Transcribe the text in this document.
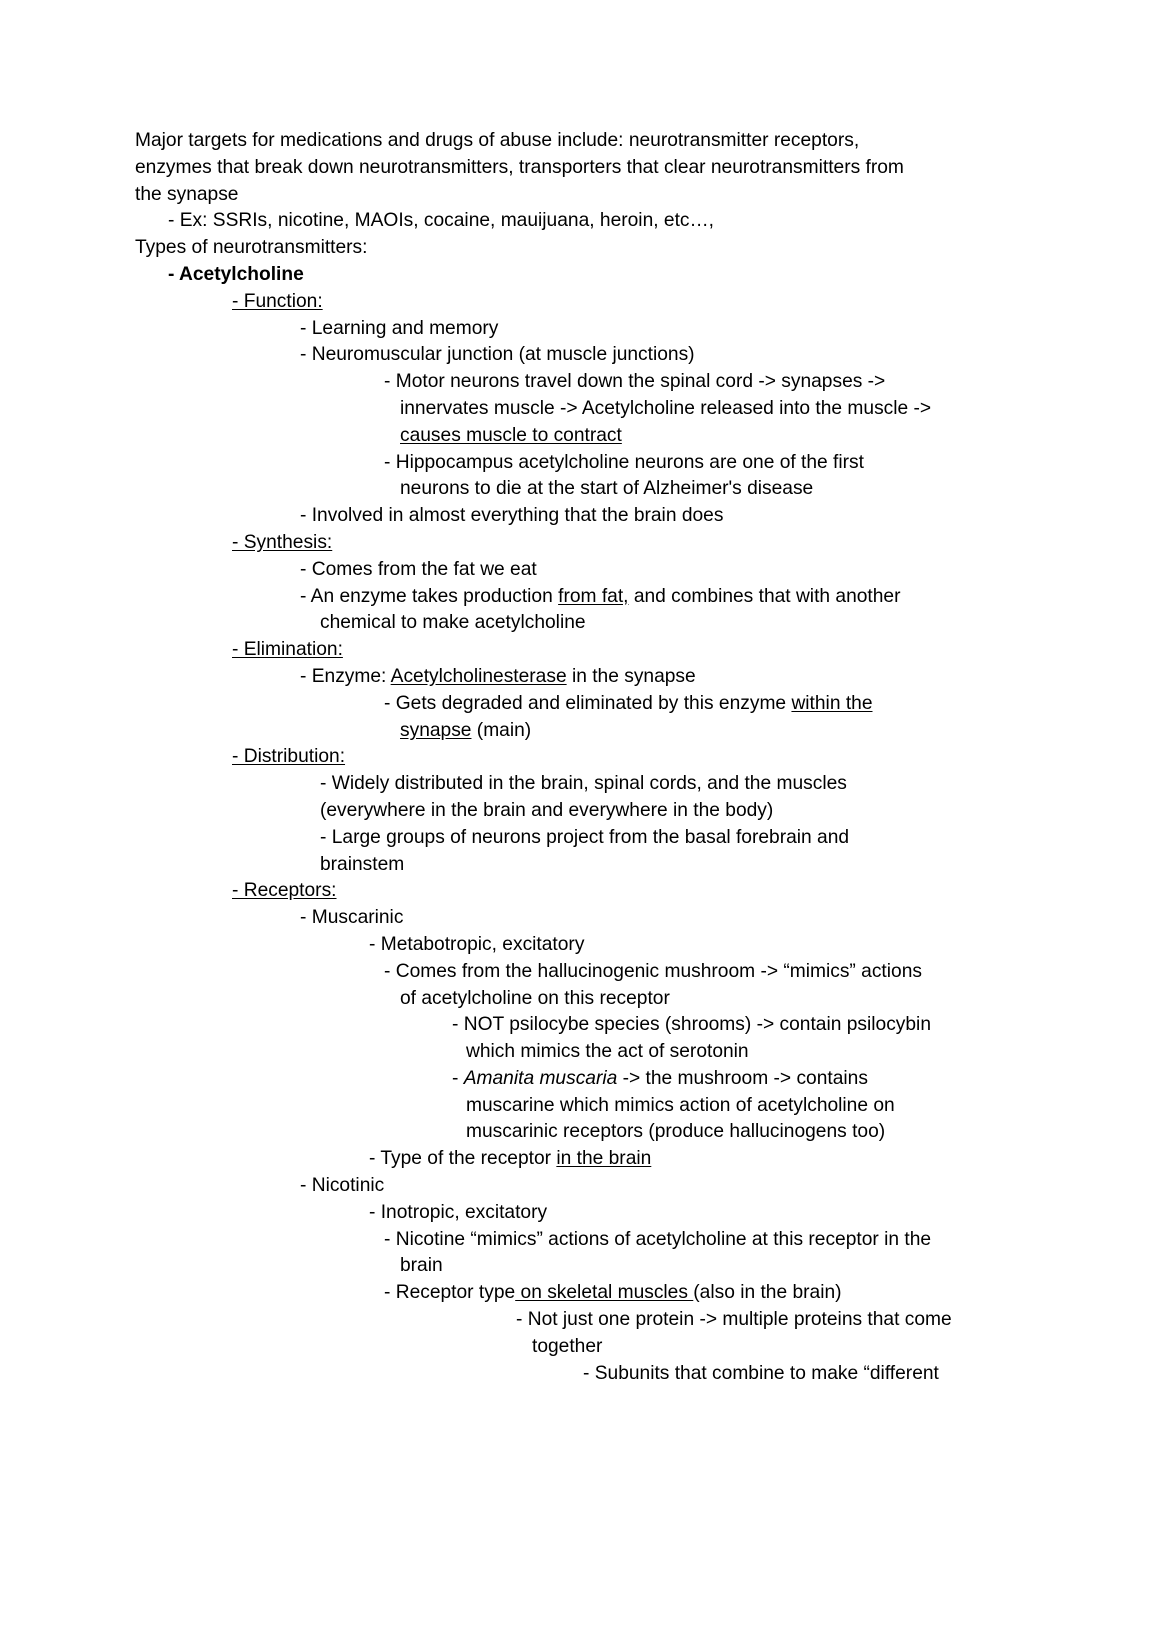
Major targets for medications and drugs of abuse include: neurotransmitter receptors,
enzymes that break down neurotransmitters, transporters that clear neurotransmitters from
the synapse
- Ex: SSRIs, nicotine, MAOIs, cocaine, mauijuana, heroin, etc…,
Types of neurotransmitters:
- Acetylcholine
- Function:
- Learning and memory
- Neuromuscular junction (at muscle junctions)
- Motor neurons travel down the spinal cord -> synapses ->
innervates muscle -> Acetylcholine released into the muscle ->
causes muscle to contract
- Hippocampus acetylcholine neurons are one of the first
neurons to die at the start of Alzheimer's disease
- Involved in almost everything that the brain does
- Synthesis:
- Comes from the fat we eat
- An enzyme takes production from fat, and combines that with another
chemical to make acetylcholine
- Elimination:
- Enzyme: Acetylcholinesterase in the synapse
- Gets degraded and eliminated by this enzyme within the
synapse (main)
- Distribution:
- Widely distributed in the brain, spinal cords, and the muscles
(everywhere in the brain and everywhere in the body)
- Large groups of neurons project from the basal forebrain and
brainstem
- Receptors:
- Muscarinic
- Metabotropic, excitatory
- Comes from the hallucinogenic mushroom -> “mimics” actions
of acetylcholine on this receptor
- NOT psilocybe species (shrooms) -> contain psilocybin
which mimics the act of serotonin
- Amanita muscaria -> the mushroom -> contains
muscarine which mimics action of acetylcholine on
muscarinic receptors (produce hallucinogens too)
- Type of the receptor in the brain
- Nicotinic
- Inotropic, excitatory
- Nicotine “mimics” actions of acetylcholine at this receptor in the
brain
- Receptor type on skeletal muscles (also in the brain)
- Not just one protein -> multiple proteins that come
together
- Subunits that combine to make “different
